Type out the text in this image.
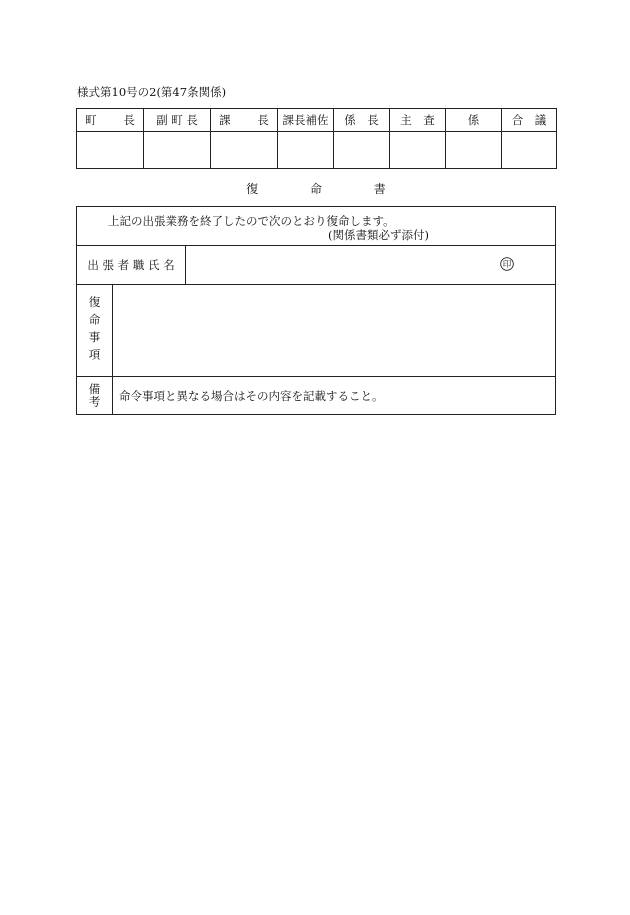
様式第10号の2(第47条関係)
町　　 長	副 町 長	課　　 長	課長補佐	係　長	主　査	係	合　議

復　　　　 命　　　　 書
上記の出張業務を終了したので次のとおり復命します。
(関係書類必ず添付)
出 張 者 職 氏 名	印
復命事項
備考 命令事項と異なる場合はその内容を記載すること。
